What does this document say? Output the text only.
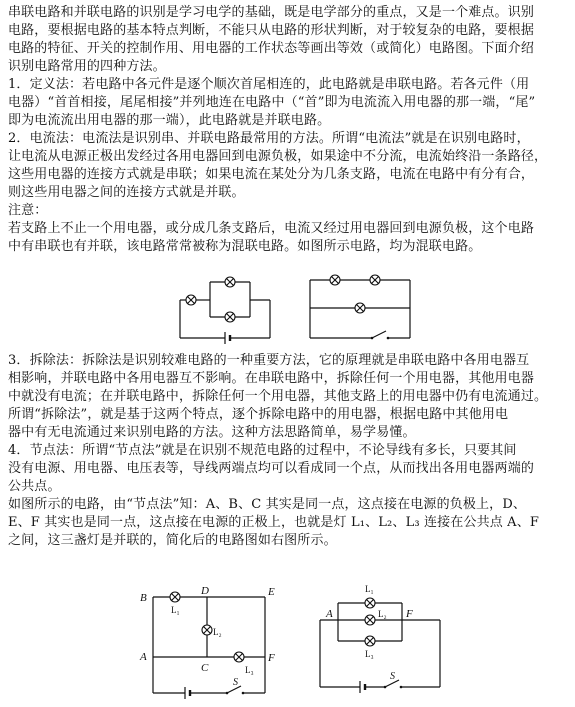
串联电路和并联电路的识别是学习电学的基础，既是电学部分的重点，又是一个难点。识别
电路，要根据电路的基本特点判断，不能只从电路的形状判断，对于较复杂的电路，要根据
电路的特征、开关的控制作用、用电器的工作状态等画出等效（或简化）电路图。下面介绍
识别电路常用的四种方法。
1．定义法：若电路中各元件是逐个顺次首尾相连的，此电路就是串联电路。若各元件（用
电器）“首首相接，尾尾相接”并列地连在电路中（“首”即为电流流入用电器的那一端，“尾”
即为电流流出用电器的那一端），此电路就是并联电路。
2．电流法：电流法是识别串、并联电路最常用的方法。所谓“电流法”就是在识别电路时，
让电流从电源正极出发经过各用电器回到电源负极，如果途中不分流，电流始终沿一条路径，
这些用电器的连接方式就是串联；如果电流在某处分为几条支路，电流在电路中有分有合，
则这些用电器之间的连接方式就是并联。
注意：
若支路上不止一个用电器，或分成几条支路后，电流又经过用电器回到电源负极，这个电路
中有串联也有并联，该电路常常被称为混联电路。如图所示电路，均为混联电路。
3．拆除法：拆除法是识别较难电路的一种重要方法，它的原理就是串联电路中各用电器互
相影响，并联电路中各用电器互不影响。在串联电路中，拆除任何一个用电器，其他用电器
中就没有电流；在并联电路中，拆除任何一个用电器，其他支路上的用电器中仍有电流通过。
所谓“拆除法”，就是基于这两个特点，逐个拆除电路中的用电器，根据电路中其他用电
器中有无电流通过来识别电路的方法。这种方法思路简单，易学易懂。
4．节点法：所谓“节点法”就是在识别不规范电路的过程中，不论导线有多长，只要其间
没有电源、用电器、电压表等，导线两端点均可以看成同一个点，从而找出各用电器两端的
公共点。
如图所示的电路，由“节点法”知：A、B、C 其实是同一点，这点接在电源的负极上，D、
E、F 其实也是同一点，这点接在电源的正极上，也就是灯 L₁、L₂、L₃ 连接在公共点 A、F
之间，这三盏灯是并联的，简化后的电路图如右图所示。
B
D	E
A
C
F
L₁
L₂
L₃
S
A	F
L₁
L₂
L₃
S
